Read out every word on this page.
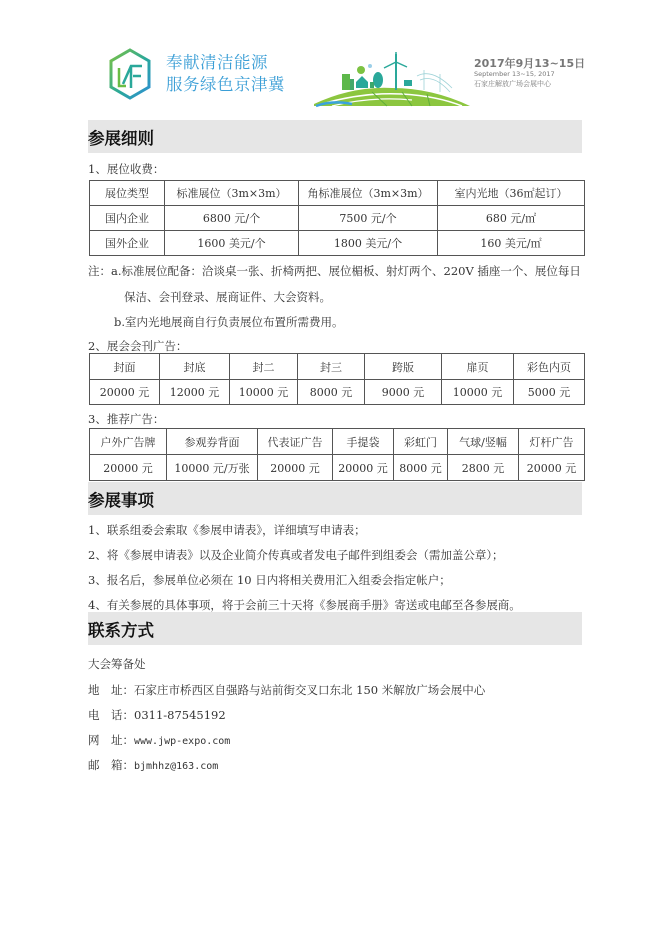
奉献清洁能源
服务绿色京津冀
2017年9月13~15日
September 13~15, 2017
石家庄解放广场会展中心
参展细则
1、展位收费：
展位类型	标准展位（3m×3m）	角标准展位（3m×3m）	室内光地（36㎡起订）
国内企业	6800 元/个	7500 元/个	680 元/㎡
国外企业	1600 美元/个	1800 美元/个	160 美元/㎡
注：a.标准展位配备：洽谈桌一张、折椅两把、展位楣板、射灯两个、220V 插座一个、展位每日
保洁、会刊登录、展商证件、大会资料。
b.室内光地展商自行负责展位布置所需费用。
2、展会会刊广告：
封面	封底	封二	封三	跨版	扉页	彩色内页
20000 元	12000 元	10000 元	8000 元	9000 元	10000 元	5000 元
3、推荐广告：
户外广告牌	参观券背面	代表证广告	手提袋	彩虹门	气球/竖幅	灯杆广告
20000 元	10000 元/万张	20000 元	20000 元	8000 元	2800 元	20000 元
参展事项
1、联系组委会索取《参展申请表》，详细填写申请表；
2、将《参展申请表》以及企业简介传真或者发电子邮件到组委会（需加盖公章）；
3、报名后，参展单位必须在 10 日内将相关费用汇入组委会指定帐户；
4、有关参展的具体事项，将于会前三十天将《参展商手册》寄送或电邮至各参展商。
联系方式
大会筹备处
地　址：石家庄市桥西区自强路与站前街交叉口东北 150 米解放广场会展中心
电　话：0311-87545192
网　址：www.jwp-expo.com
邮　箱：bjmhhz@163.com
